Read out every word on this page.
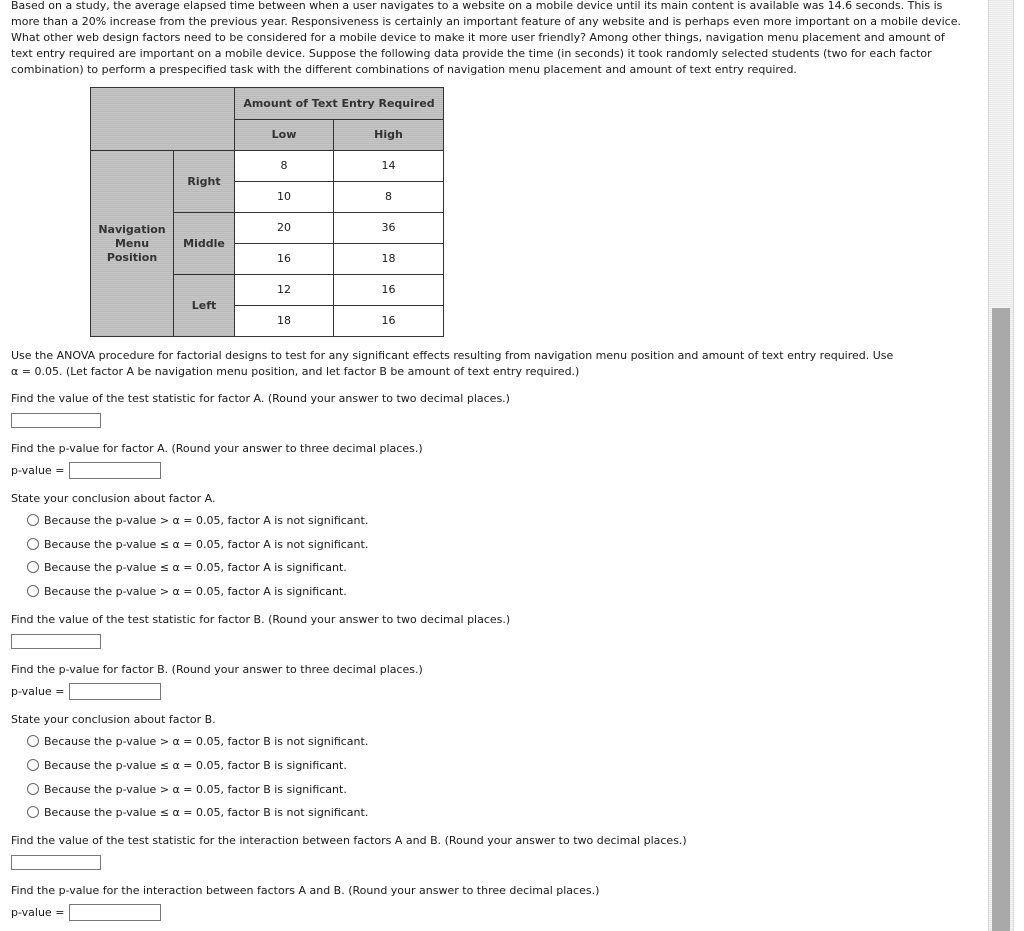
Based on a study, the average elapsed time between when a user navigates to a website on a mobile device until its main content is available was 14.6 seconds. This is more than a 20% increase from the previous year. Responsiveness is certainly an important feature of any website and is perhaps even more important on a mobile device. What other web design factors need to be considered for a mobile device to make it more user friendly? Among other things, navigation menu placement and amount of text entry required are important on a mobile device. Suppose the following data provide the time (in seconds) it took randomly selected students (two for each factor combination) to perform a prespecified task with the different combinations of navigation menu placement and amount of text entry required.

Amount of Text Entry Required
Low	High
Navigation Menu Position
Right
8	14
10	8
Middle
20	36
16	18
Left
12	16
18	16

Use the ANOVA procedure for factorial designs to test for any significant effects resulting from navigation menu position and amount of text entry required. Use

α = 0.05. (Let factor A be navigation menu position, and let factor B be amount of text entry required.)

Find the value of the test statistic for factor A. (Round your answer to two decimal places.)

Find the p-value for factor A. (Round your answer to three decimal places.)

p-value =

State your conclusion about factor A.

Because the p-value > α = 0.05, factor A is not significant.
Because the p-value ≤ α = 0.05, factor A is not significant.
Because the p-value ≤ α = 0.05, factor A is significant.
Because the p-value > α = 0.05, factor A is significant.

Find the value of the test statistic for factor B. (Round your answer to two decimal places.)

Find the p-value for factor B. (Round your answer to three decimal places.)

p-value =

State your conclusion about factor B.

Because the p-value > α = 0.05, factor B is not significant.
Because the p-value ≤ α = 0.05, factor B is significant.
Because the p-value > α = 0.05, factor B is significant.
Because the p-value ≤ α = 0.05, factor B is not significant.

Find the value of the test statistic for the interaction between factors A and B. (Round your answer to two decimal places.)

Find the p-value for the interaction between factors A and B. (Round your answer to three decimal places.)

p-value =
